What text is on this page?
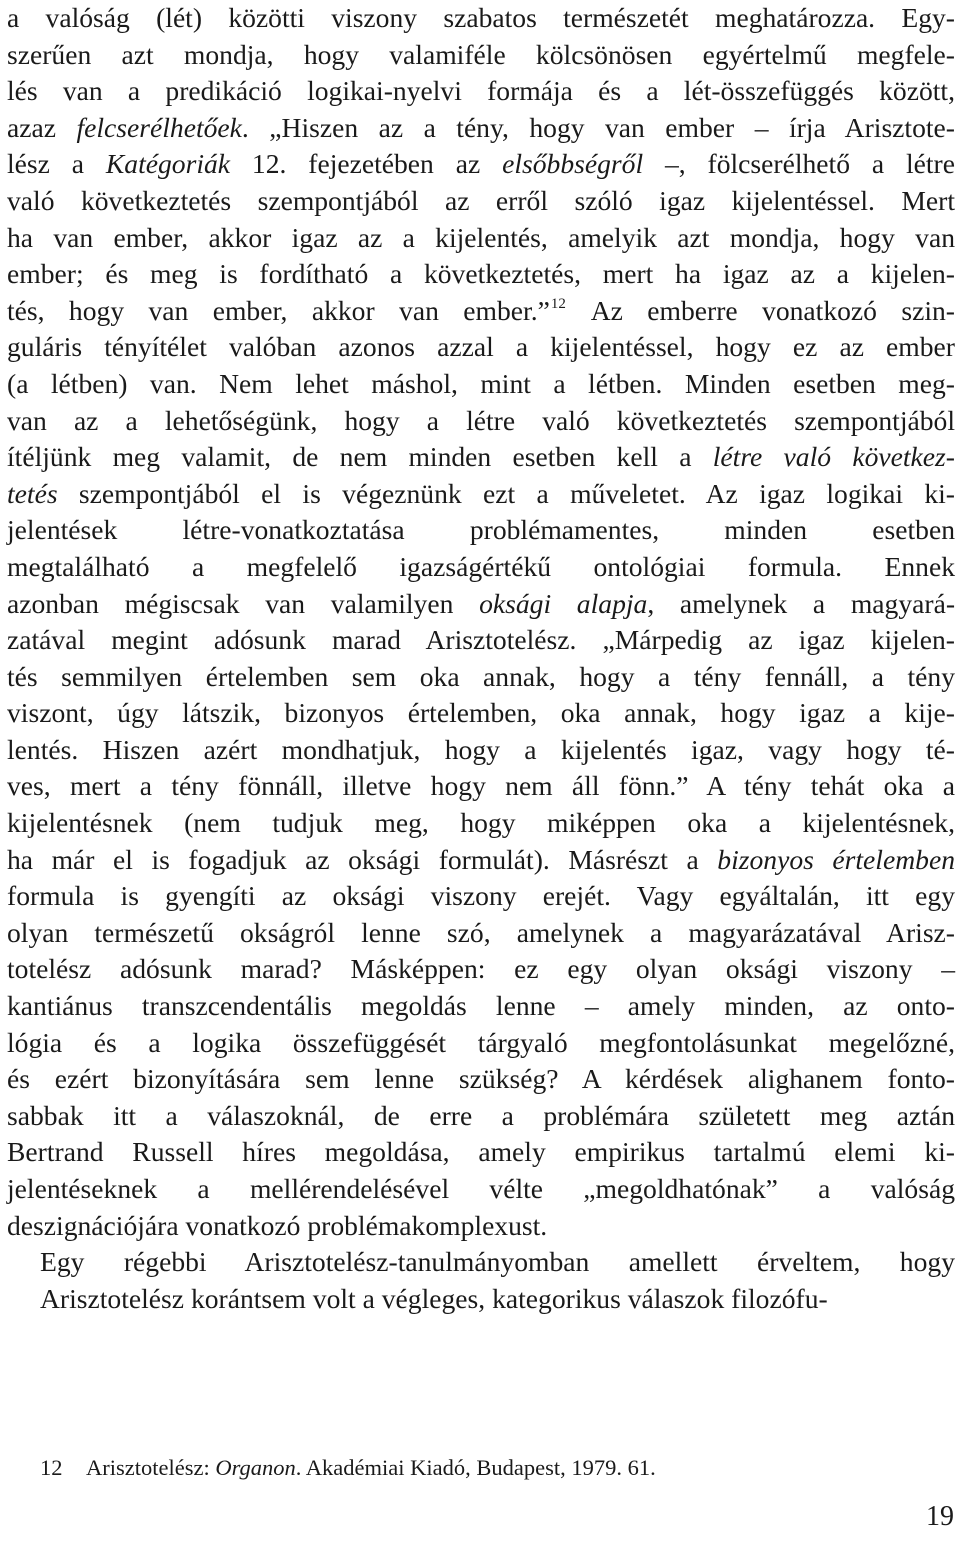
a valóság (lét) közötti viszony szabatos természetét meghatározza. Egy-
szerűen azt mondja, hogy valamiféle kölcsönösen egyértelmű megfele-
lés van a predikáció logikai-nyelvi formája és a lét-összefüggés között,
azaz felcserélhetőek. „Hiszen az a tény, hogy van ember – írja Arisztote-
lész a Katégoriák 12. fejezetében az elsőbbségről –, fölcserélhető a létre
való következtetés szempontjából az erről szóló igaz kijelentéssel. Mert
ha van ember, akkor igaz az a kijelentés, amelyik azt mondja, hogy van
ember; és meg is fordítható a következtetés, mert ha igaz az a kijelen-
tés, hogy van ember, akkor van ember.”$^{12}$ Az emberre vonatkozó szin-
guláris tényítélet valóban azonos azzal a kijelentéssel, hogy ez az ember
(a létben) van. Nem lehet máshol, mint a létben. Minden esetben meg-
van az a lehetőségünk, hogy a létre való következtetés szempontjából
ítéljünk meg valamit, de nem minden esetben kell a létre való következ-
tetés szempontjából el is végeznünk ezt a műveletet. Az igaz logikai ki-
jelentések létre-vonatkoztatása problémamentes, minden esetben
megtalálható a megfelelő igazságértékű ontológiai formula. Ennek
azonban mégiscsak van valamilyen oksági alapja, amelynek a magyará-
zatával megint adósunk marad Arisztotelész. „Márpedig az igaz kijelen-
tés semmilyen értelemben sem oka annak, hogy a tény fennáll, a tény
viszont, úgy látszik, bizonyos értelemben, oka annak, hogy igaz a kije-
lentés. Hiszen azért mondhatjuk, hogy a kijelentés igaz, vagy hogy té-
ves, mert a tény fönnáll, illetve hogy nem áll fönn.” A tény tehát oka a
kijelentésnek (nem tudjuk meg, hogy miképpen oka a kijelentésnek,
ha már el is fogadjuk az oksági formulát). Másrészt a bizonyos értelemben
formula is gyengíti az oksági viszony erejét. Vagy egyáltalán, itt egy
olyan természetű okságról lenne szó, amelynek a magyarázatával Arisz-
totelész adósunk marad? Másképpen: ez egy olyan oksági viszony –
kantiánus transzcendentális megoldás lenne – amely minden, az onto-
lógia és a logika összefüggését tárgyaló megfontolásunkat megelőzné,
és ezért bizonyítására sem lenne szükség? A kérdések alighanem fonto-
sabbak itt a válaszoknál, de erre a problémára született meg aztán
Bertrand Russell híres megoldása, amely empirikus tartalmú elemi ki-
jelentéseknek a mellérendelésével vélte „megoldhatónak” a valóság
deszignációjára vonatkozó problémakomplexust.

Egy régebbi Arisztotelész-tanulmányomban amellett érveltem, hogy
Arisztotelész korántsem volt a végleges, kategorikus válaszok filozófu-

12 Arisztotelész: Organon. Akadémiai Kiadó, Budapest, 1979. 61.
19
